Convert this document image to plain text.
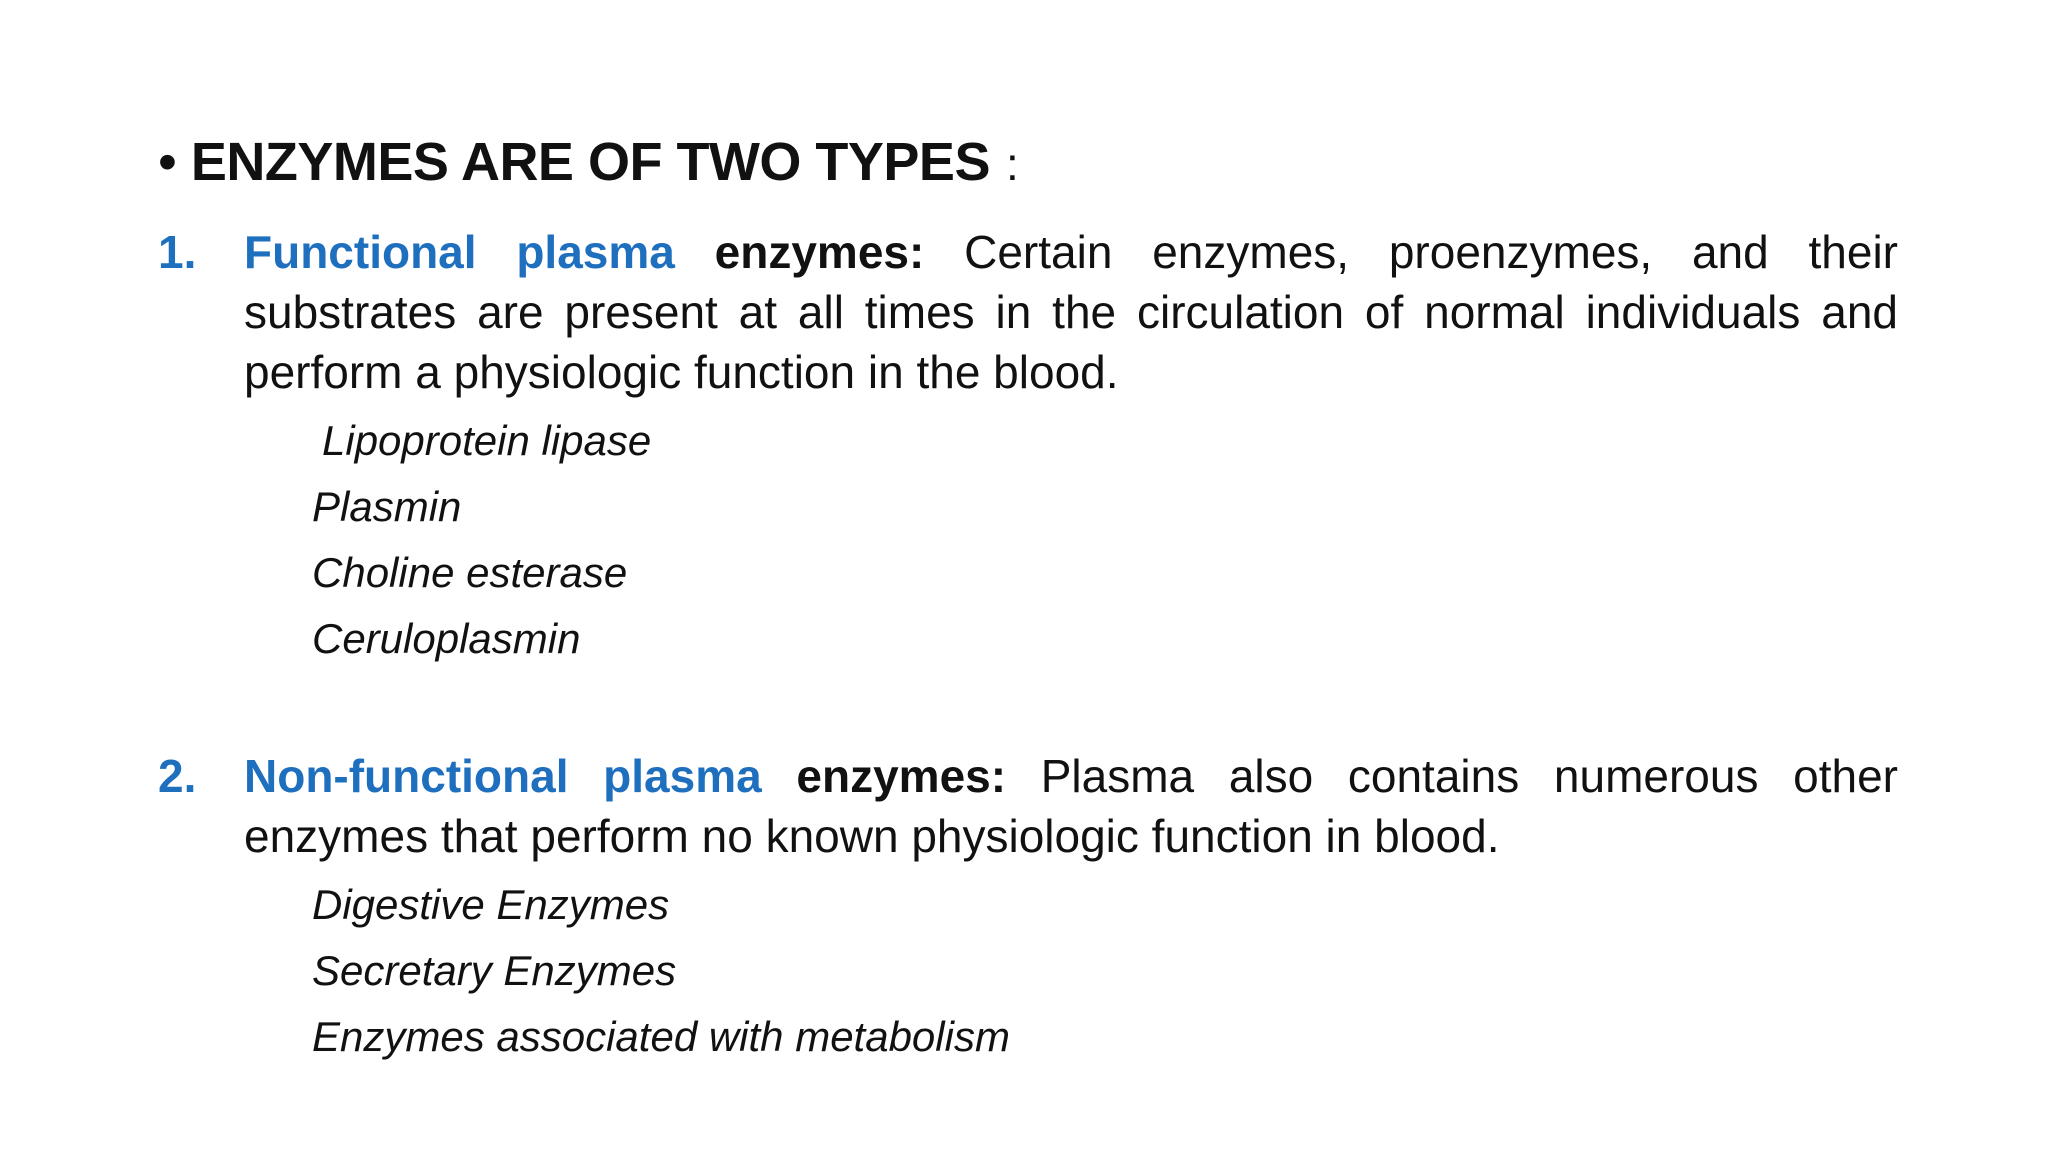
• ENZYMES ARE OF TWO TYPES :
1. Functional plasma enzymes: Certain enzymes, proenzymes, and their substrates are present at all times in the circulation of normal individuals and perform a physiologic function in the blood.
Lipoprotein lipase
Plasmin
Choline esterase
Ceruloplasmin
2. Non-functional plasma enzymes: Plasma also contains numerous other enzymes that perform no known physiologic function in blood.
Digestive Enzymes
Secretary Enzymes
Enzymes associated with metabolism
